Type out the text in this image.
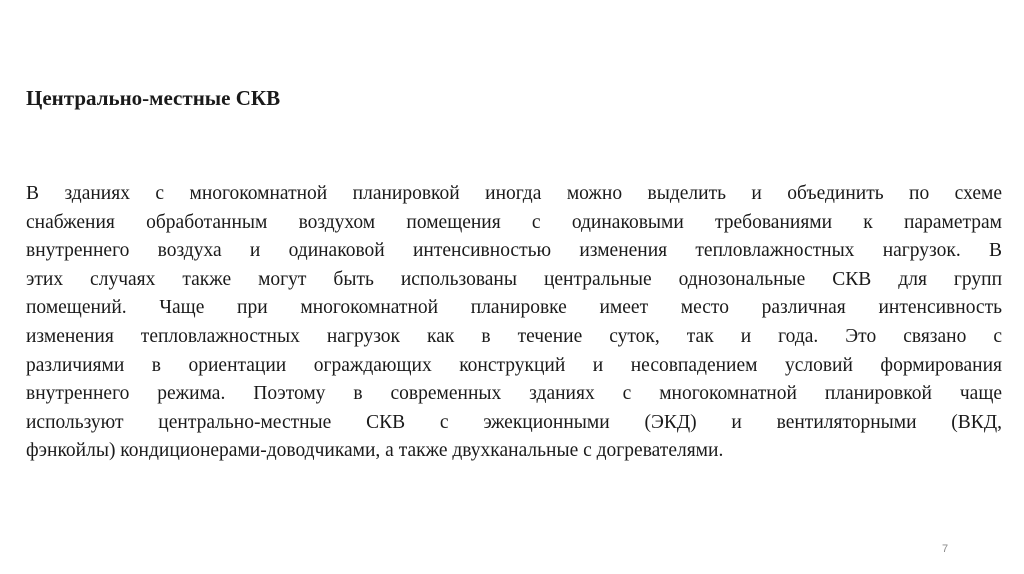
Центрально-местные СКВ
В зданиях с многокомнатной планировкой иногда можно выделить и объединить по схеме
снабжения обработанным воздухом помещения с одинаковыми требованиями к параметрам
внутреннего воздуха и одинаковой интенсивностью изменения тепловлажностных нагрузок. В
этих случаях также могут быть использованы центральные однозональные СКВ для групп
помещений. Чаще при многокомнатной планировке имеет место различная интенсивность
изменения тепловлажностных нагрузок как в течение суток, так и года. Это связано с
различиями в ориентации ограждающих конструкций и несовпадением условий формирования
внутреннего режима. Поэтому в современных зданиях с многокомнатной планировкой чаще
используют центрально-местные СКВ с эжекционными (ЭКД) и вентиляторными (ВКД,
фэнкойлы) кондиционерами-доводчиками, а также двухканальные с догревателями.
7
